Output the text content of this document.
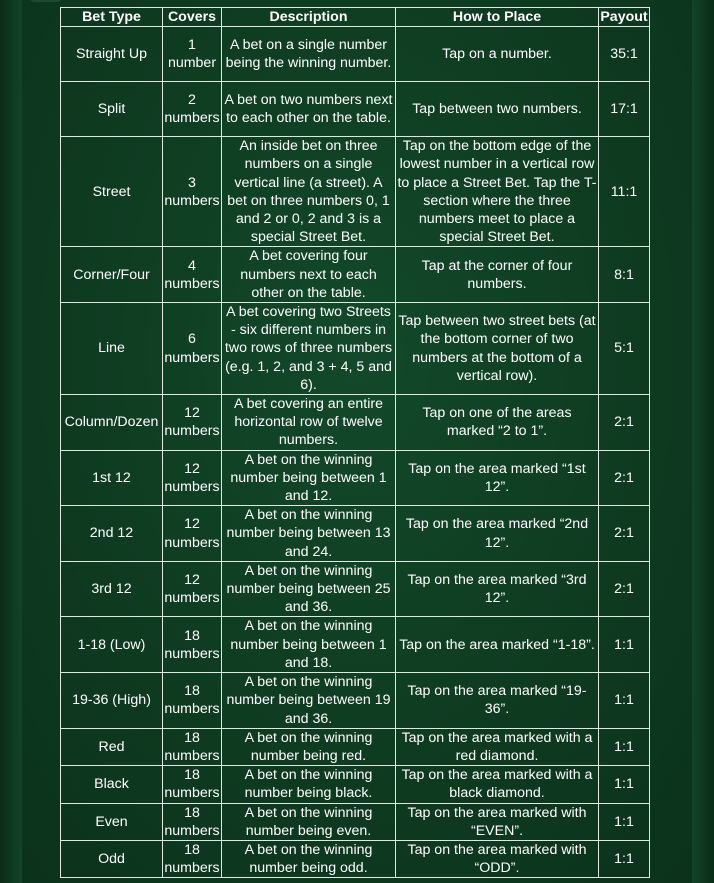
Bet Type	Covers	Description	How to Place	Payout
Straight Up	1 number	A bet on a single number being the winning number.	Tap on a number.	35:1
Split	2 numbers	A bet on two numbers next to each other on the table.	Tap between two numbers.	17:1
Street	3 numbers	An inside bet on three numbers on a single vertical line (a street). A bet on three numbers 0, 1 and 2 or 0, 2 and 3 is a special Street Bet.	Tap on the bottom edge of the lowest number in a vertical row to place a Street Bet. Tap the T-section where the three numbers meet to place a special Street Bet.	11:1
Corner/Four	4 numbers	A bet covering four numbers next to each other on the table.	Tap at the corner of four numbers.	8:1
Line	6 numbers	A bet covering two Streets - six different numbers in two rows of three numbers (e.g. 1, 2, and 3 + 4, 5 and 6).	Tap between two street bets (at the bottom corner of two numbers at the bottom of a vertical row).	5:1
Column/Dozen	12 numbers	A bet covering an entire horizontal row of twelve numbers.	Tap on one of the areas marked “2 to 1”.	2:1
1st 12	12 numbers	A bet on the winning number being between 1 and 12.	Tap on the area marked “1st 12”.	2:1
2nd 12	12 numbers	A bet on the winning number being between 13 and 24.	Tap on the area marked “2nd 12”.	2:1
3rd 12	12 numbers	A bet on the winning number being between 25 and 36.	Tap on the area marked “3rd 12”.	2:1
1-18 (Low)	18 numbers	A bet on the winning number being between 1 and 18.	Tap on the area marked “1-18”.	1:1
19-36 (High)	18 numbers	A bet on the winning number being between 19 and 36.	Tap on the area marked “19-36”.	1:1
Red	18 numbers	A bet on the winning number being red.	Tap on the area marked with a red diamond.	1:1
Black	18 numbers	A bet on the winning number being black.	Tap on the area marked with a black diamond.	1:1
Even	18 numbers	A bet on the winning number being even.	Tap on the area marked with “EVEN”.	1:1
Odd	18 numbers	A bet on the winning number being odd.	Tap on the area marked with “ODD”.	1:1
